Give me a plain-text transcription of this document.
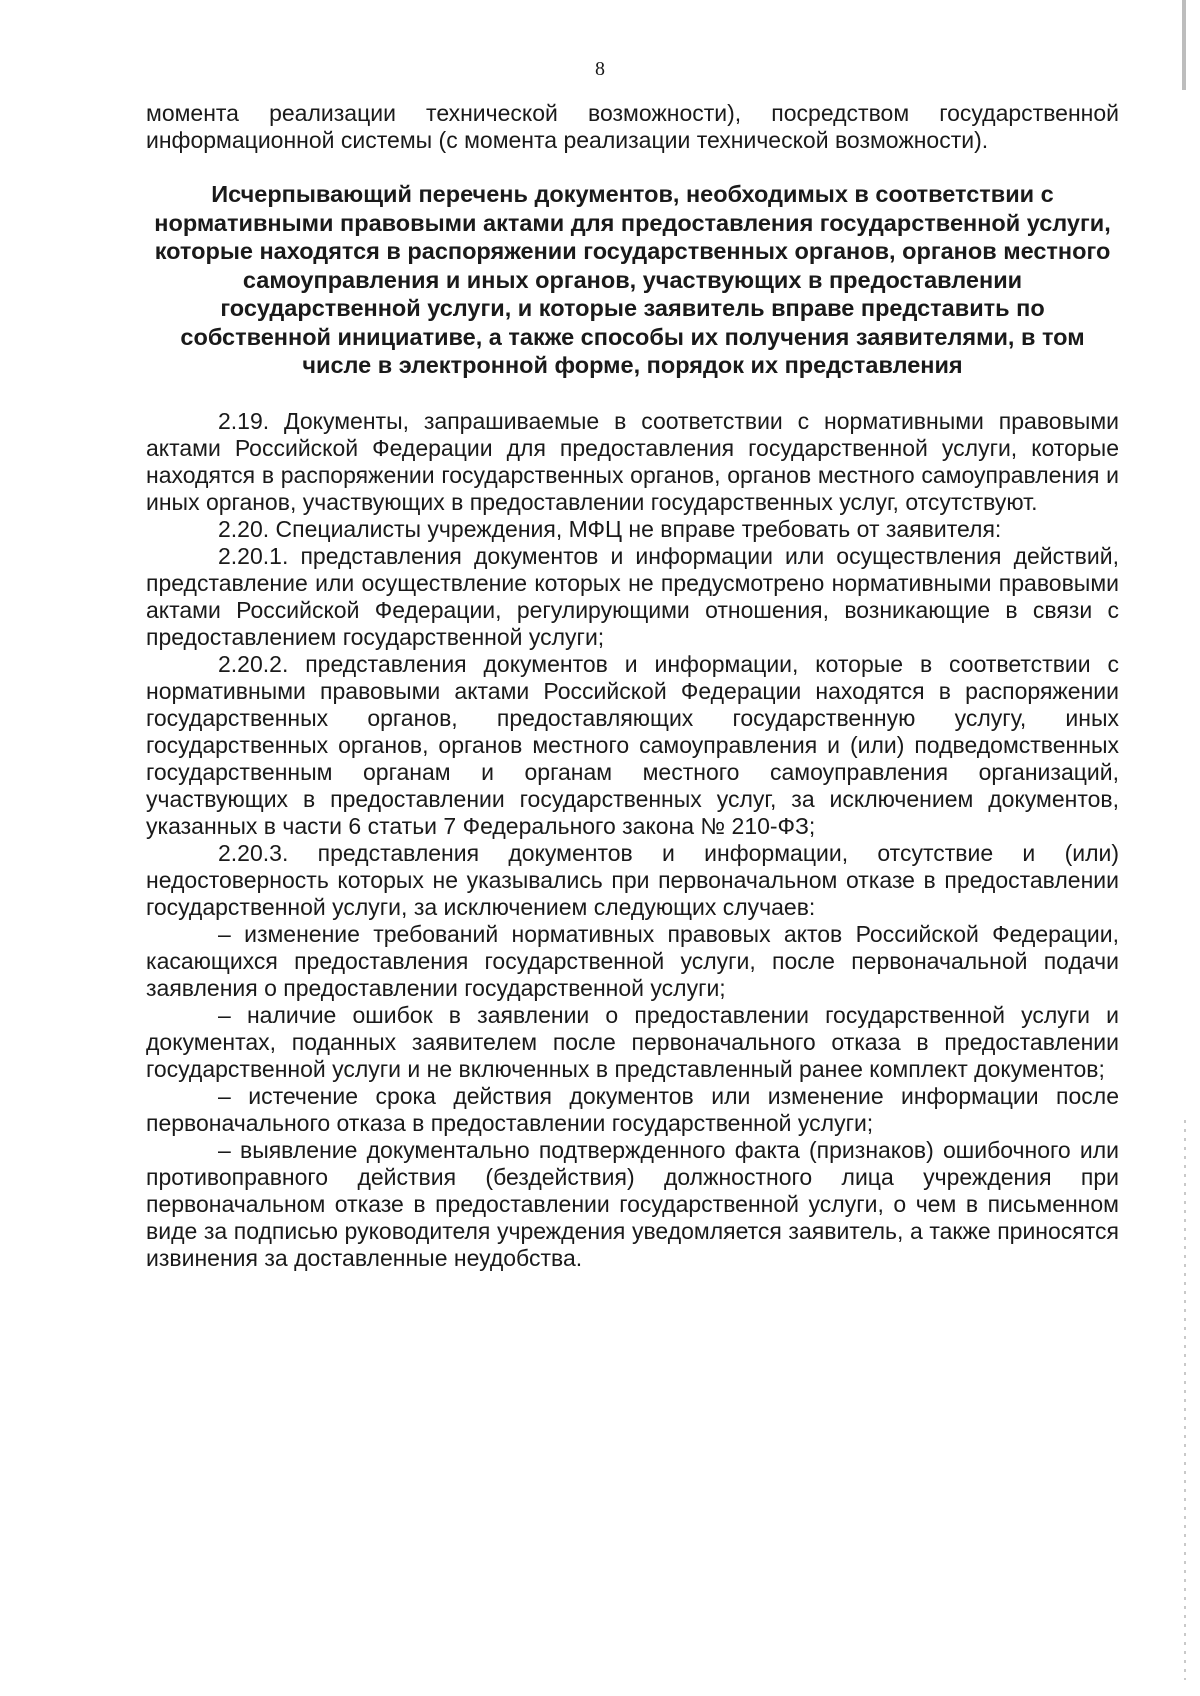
8

момента реализации технической возможности), посредством государственной информационной системы (с момента реализации технической возможности).

Исчерпывающий перечень документов, необходимых в соответствии с нормативными правовыми актами для предоставления государственной услуги, которые находятся в распоряжении государственных органов, органов местного самоуправления и иных органов, участвующих в предоставлении государственной услуги, и которые заявитель вправе представить по собственной инициативе, а также способы их получения заявителями, в том числе в электронной форме, порядок их представления

2.19. Документы, запрашиваемые в соответствии с нормативными правовыми актами Российской Федерации для предоставления государственной услуги, которые находятся в распоряжении государственных органов, органов местного самоуправления и иных органов, участвующих в предоставлении государственных услуг, отсутствуют.

2.20. Специалисты учреждения, МФЦ не вправе требовать от заявителя:

2.20.1. представления документов и информации или осуществления действий, представление или осуществление которых не предусмотрено нормативными правовыми актами Российской Федерации, регулирующими отношения, возникающие в связи с предоставлением государственной услуги;

2.20.2. представления документов и информации, которые в соответствии с нормативными правовыми актами Российской Федерации находятся в распоряжении государственных органов, предоставляющих государственную услугу, иных государственных органов, органов местного самоуправления и (или) подведомственных государственным органам и органам местного самоуправления организаций, участвующих в предоставлении государственных услуг, за исключением документов, указанных в части 6 статьи 7 Федерального закона № 210-ФЗ;

2.20.3. представления документов и информации, отсутствие и (или) недостоверность которых не указывались при первоначальном отказе в предоставлении государственной услуги, за исключением следующих случаев:

– изменение требований нормативных правовых актов Российской Федерации, касающихся предоставления государственной услуги, после первоначальной подачи заявления о предоставлении государственной услуги;

– наличие ошибок в заявлении о предоставлении государственной услуги и документах, поданных заявителем после первоначального отказа в предоставлении государственной услуги и не включенных в представленный ранее комплект документов;

– истечение срока действия документов или изменение информации после первоначального отказа в предоставлении государственной услуги;

– выявление документально подтвержденного факта (признаков) ошибочного или противоправного действия (бездействия) должностного лица учреждения при первоначальном отказе в предоставлении государственной услуги, о чем в письменном виде за подписью руководителя учреждения уведомляется заявитель, а также приносятся извинения за доставленные неудобства.
